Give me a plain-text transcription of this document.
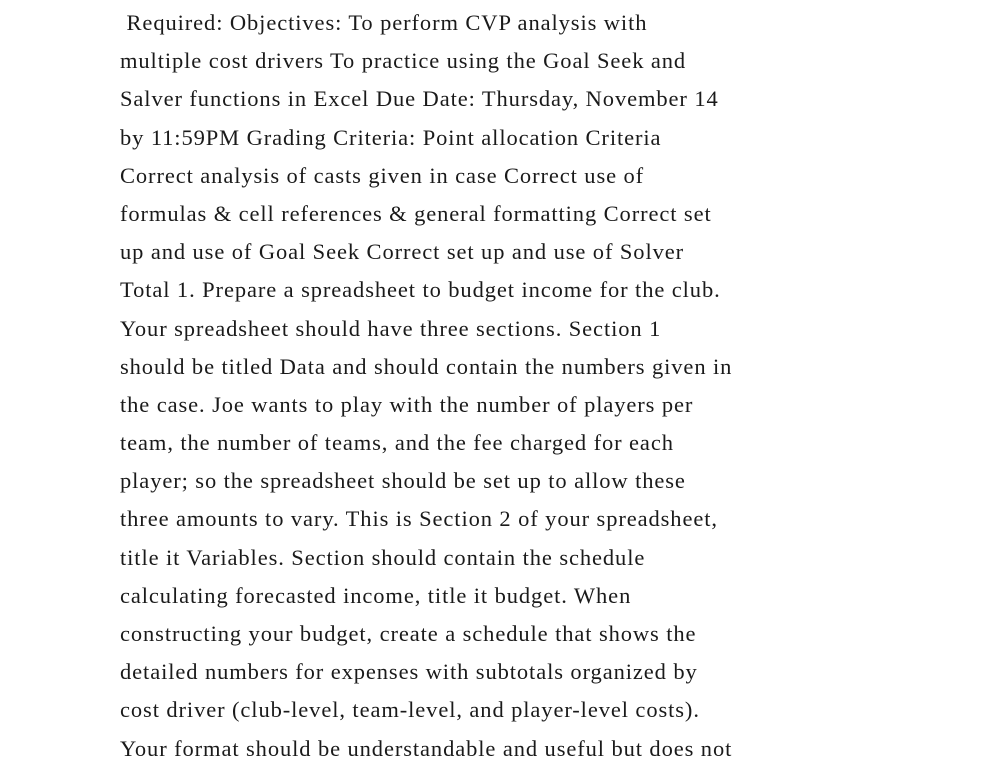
Required: Objectives: To perform CVP analysis with
multiple cost drivers To practice using the Goal Seek and
Salver functions in Excel Due Date: Thursday, November 14
by 11:59PM Grading Criteria: Point allocation Criteria
Correct analysis of casts given in case Correct use of
formulas & cell references & general formatting Correct set
up and use of Goal Seek Correct set up and use of Solver
Total 1. Prepare a spreadsheet to budget income for the club.
Your spreadsheet should have three sections. Section 1
should be titled Data and should contain the numbers given in
the case. Joe wants to play with the number of players per
team, the number of teams, and the fee charged for each
player; so the spreadsheet should be set up to allow these
three amounts to vary. This is Section 2 of your spreadsheet,
title it Variables. Section should contain the schedule
calculating forecasted income, title it budget. When
constructing your budget, create a schedule that shows the
detailed numbers for expenses with subtotals organized by
cost driver (club-level, team-level, and player-level costs).
Your format should be understandable and useful but does not
